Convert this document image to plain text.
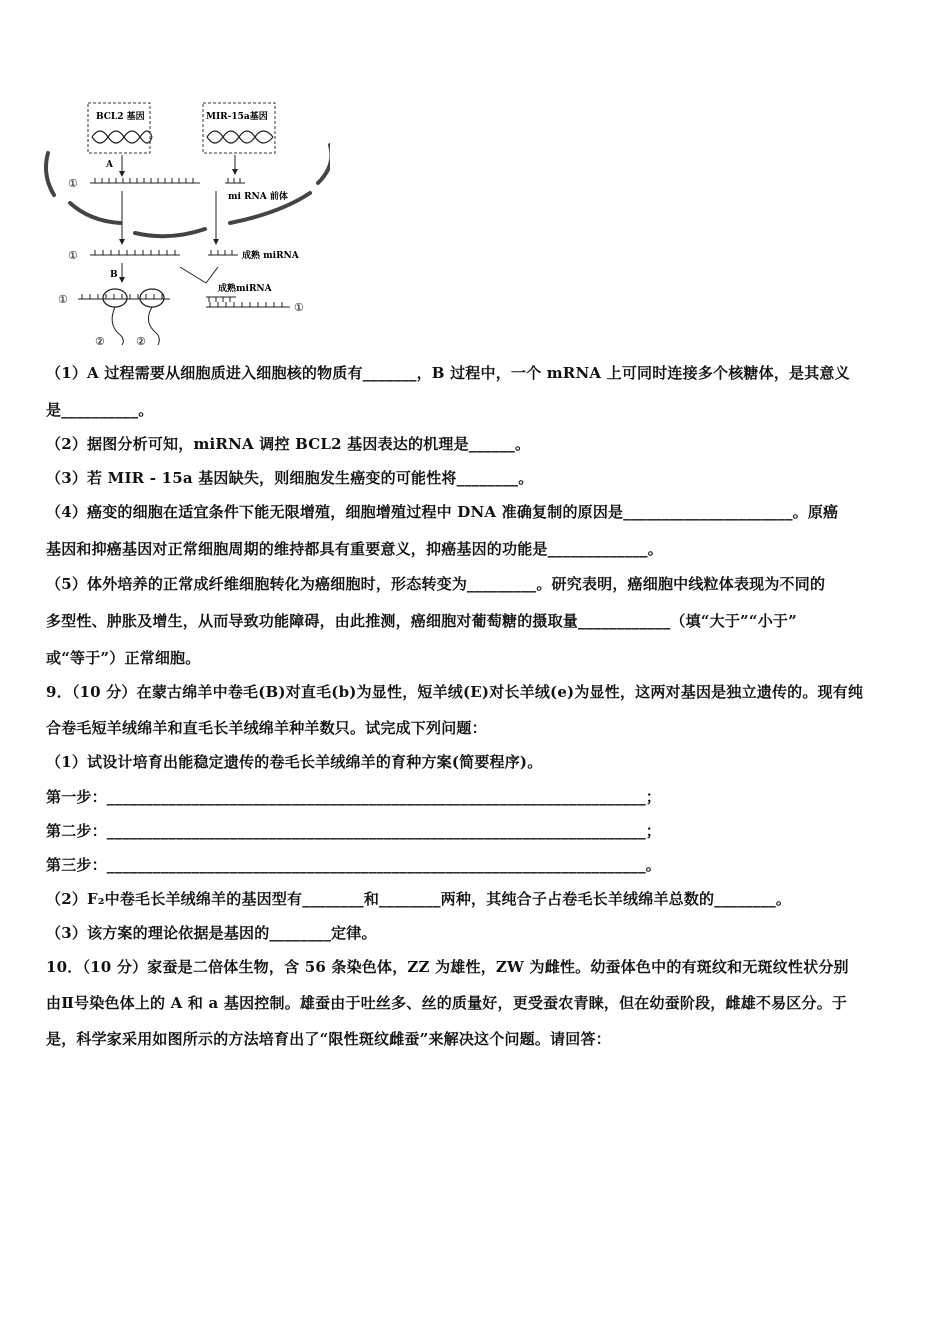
BCL2 基因	MIR-15a基因
A
①
mi RNA 前体
①	成熟 miRNA
B
成熟miRNA
①
②	②
①
（1）A 过程需要从细胞质进入细胞核的物质有_______，B 过程中，一个 mRNA 上可同时连接多个核糖体，是其意义
是__________。
（2）据图分析可知，miRNA 调控 BCL2 基因表达的机理是______。
（3）若 MIR - 15a 基因缺失，则细胞发生癌变的可能性将________。
（4）癌变的细胞在适宜条件下能无限增殖，细胞增殖过程中 DNA 准确复制的原因是______________________。原癌
基因和抑癌基因对正常细胞周期的维持都具有重要意义，抑癌基因的功能是_____________。
（5）体外培养的正常成纤维细胞转化为癌细胞时，形态转变为_________。研究表明，癌细胞中线粒体表现为不同的
多型性、肿胀及增生，从而导致功能障碍，由此推测，癌细胞对葡萄糖的摄取量____________（填“大于”“小于”
或“等于”）正常细胞。
9．（10 分）在蒙古绵羊中卷毛(B)对直毛(b)为显性，短羊绒(E)对长羊绒(e)为显性，这两对基因是独立遗传的。现有纯
合卷毛短羊绒绵羊和直毛长羊绒绵羊种羊数只。试完成下列问题：
（1）试设计培育出能稳定遗传的卷毛长羊绒绵羊的育种方案(简要程序)。
第一步：______________________________________________________________________；
第二步：______________________________________________________________________；
第三步：______________________________________________________________________。
（2）F₂中卷毛长羊绒绵羊的基因型有________和________两种，其纯合子占卷毛长羊绒绵羊总数的________。
（3）该方案的理论依据是基因的________定律。
10．（10 分）家蚕是二倍体生物，含 56 条染色体，ZZ 为雄性，ZW 为雌性。幼蚕体色中的有斑纹和无斑纹性状分别
由Ⅱ号染色体上的 A 和 a 基因控制。雄蚕由于吐丝多、丝的质量好，更受蚕农青睐，但在幼蚕阶段，雌雄不易区分。于
是，科学家采用如图所示的方法培育出了“限性斑纹雌蚕”来解决这个问题。请回答：
